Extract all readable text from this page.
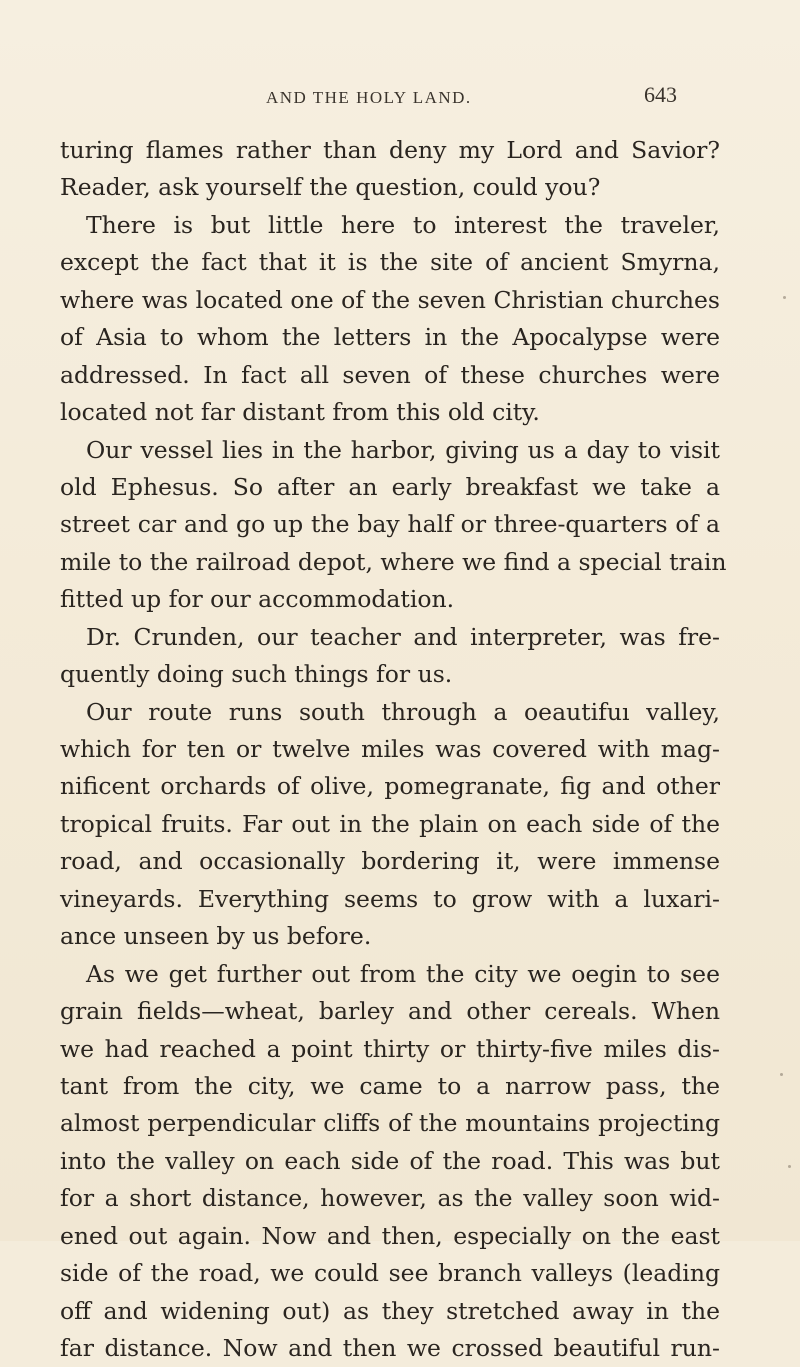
AND THE HOLY LAND.	643
turing flames rather than deny my Lord and Savior?
Reader, ask yourself the question, could you?
There is but little here to interest the traveler,
except the fact that it is the site of ancient Smyrna,
where was located one of the seven Christian churches
of Asia to whom the letters in the Apocalypse were
addressed. In fact all seven of these churches were
located not far distant from this old city.
Our vessel lies in the harbor, giving us a day to visit
old Ephesus. So after an early breakfast we take a
street car and go up the bay half or three-quarters of a
mile to the railroad depot, where we find a special train
fitted up for our accommodation.
Dr. Crunden, our teacher and interpreter, was fre-
quently doing such things for us.
Our route runs south through a oeautifuı valley,
which for ten or twelve miles was covered with mag-
nificent orchards of olive, pomegranate, fig and other
tropical fruits. Far out in the plain on each side of the
road, and occasionally bordering it, were immense
vineyards. Everything seems to grow with a luxari-
ance unseen by us before.
As we get further out from the city we oegin to see
grain fields—wheat, barley and other cereals. When
we had reached a point thirty or thirty-five miles dis-
tant from the city, we came to a narrow pass, the
almost perpendicular cliffs of the mountains projecting
into the valley on each side of the road. This was but
for a short distance, however, as the valley soon wid-
ened out again. Now and then, especially on the east
side of the road, we could see branch valleys (leading
off and widening out) as they stretched away in the
far distance. Now and then we crossed beautiful run-
